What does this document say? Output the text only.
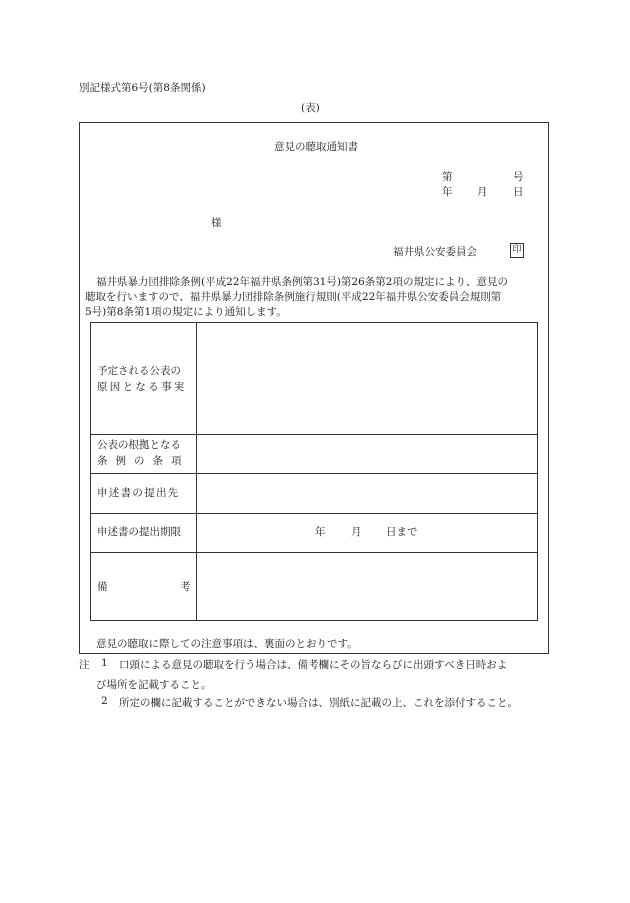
別記様式第6号(第8条関係)
(表)
意見の聴取通知書
第	号
年 月 日
様
福井県公安委員会	印
福井県暴力団排除条例(平成22年福井県条例第31号)第26条第2項の規定により、意見の
聴取を行いますので、福井県暴力団排除条例施行規則(平成22年福井県公安委員会規則第
5号)第8条第1項の規定により通知します。
予定される公表の
原因となる事実
公表の根拠となる
条例の条項
申述書の提出先
申述書の提出期限	年 月 日まで
備	考
意見の聴取に際しての注意事項は、裏面のとおりです。
注 1 口頭による意見の聴取を行う場合は、備考欄にその旨ならびに出頭すべき日時およ
び場所を記載すること。
2 所定の欄に記載することができない場合は、別紙に記載の上、これを添付すること。
